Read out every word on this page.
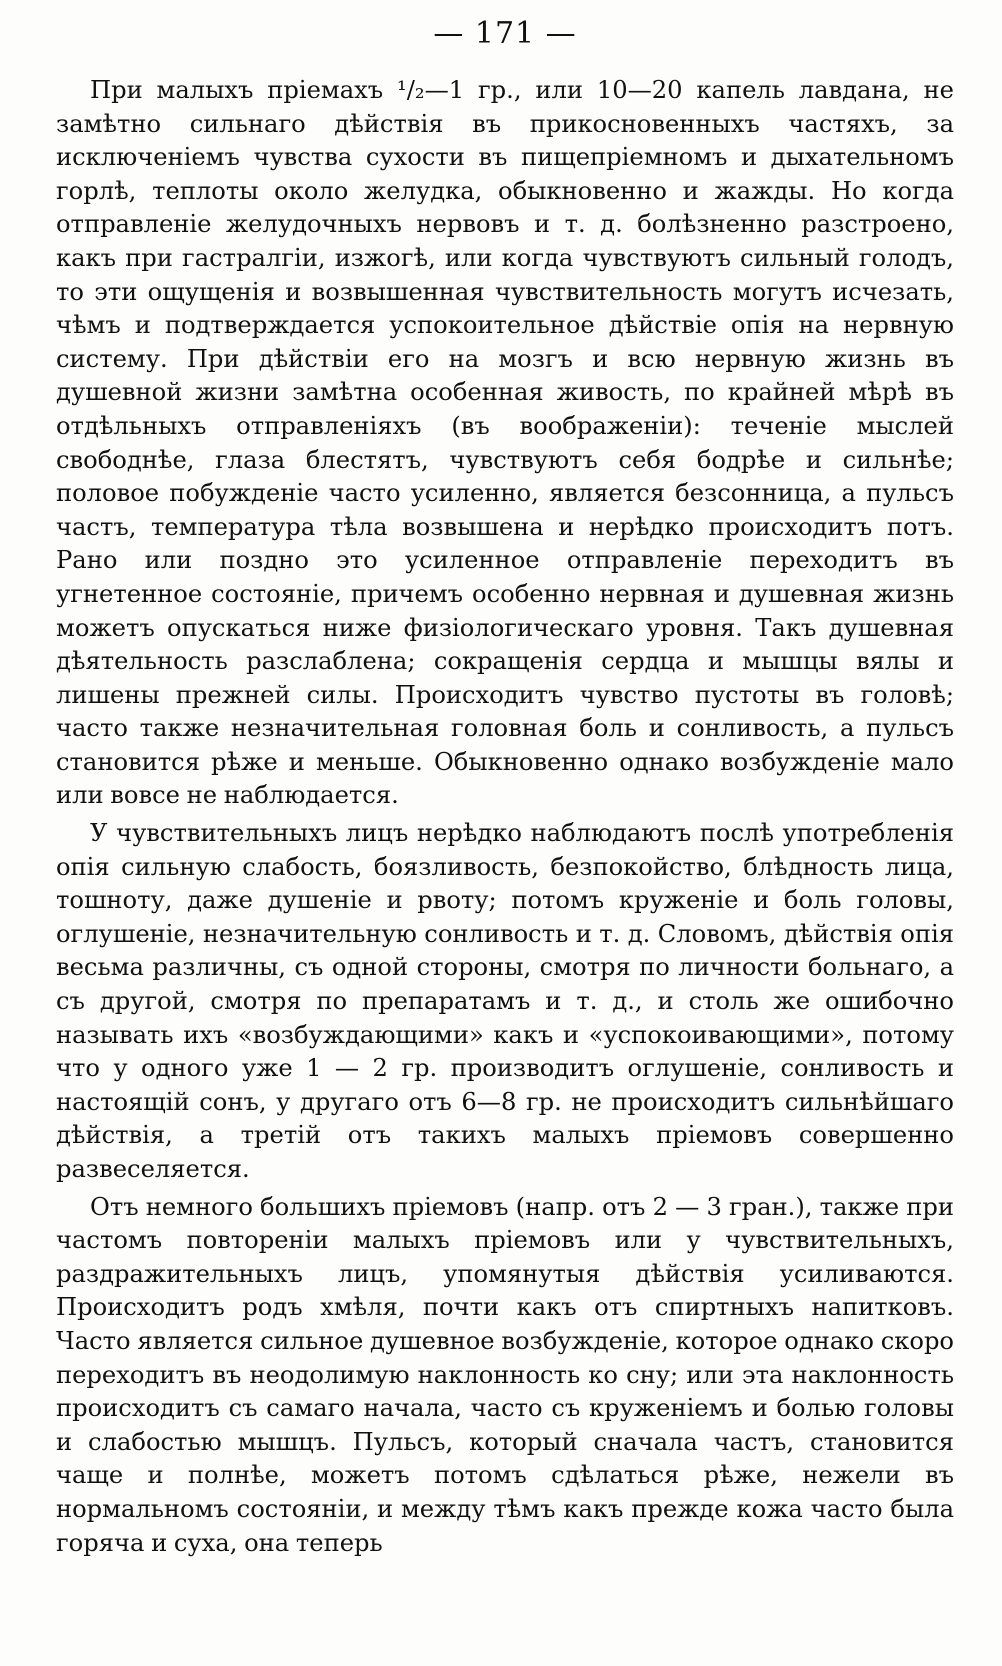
— 171 —

При малыхъ пріемахъ ¹/₂—1 гр., или 10—20 капель лавдана, не замѣтно сильнаго дѣйствія въ прикосновенныхъ частяхъ, за исключеніемъ чувства сухости въ пищепріемномъ и дыхательномъ горлѣ, теплоты около желудка, обыкновенно и жажды. Но когда отправленіе желудочныхъ нервовъ и т. д. болѣзненно разстроено, какъ при гастралгіи, изжогѣ, или когда чувствуютъ сильный голодъ, то эти ощущенія и возвышенная чувствительность могутъ исчезать, чѣмъ и подтверждается успокоительное дѣйствіе опія на нервную систему. При дѣйствіи его на мозгъ и всю нервную жизнь въ душевной жизни замѣтна особенная живость, по крайней мѣрѣ въ отдѣльныхъ отправленіяхъ (въ воображеніи): теченіе мыслей свободнѣе, глаза блестятъ, чувствуютъ себя бодрѣе и сильнѣе; половое побужденіе часто усиленно, является безсонница, а пульсъ частъ, температура тѣла возвышена и нерѣдко происходитъ потъ. Рано или поздно это усиленное отправленіе переходитъ въ угнетенное состояніе, причемъ особенно нервная и душевная жизнь можетъ опускаться ниже физіологическаго уровня. Такъ душевная дѣятельность разслаблена; сокращенія сердца и мышцы вялы и лишены прежней силы. Происходитъ чувство пустоты въ головѣ; часто также незначительная головная боль и сонливость, а пульсъ становится рѣже и меньше. Обыкновенно однако возбужденіе мало или вовсе не наблюдается.

У чувствительныхъ лицъ нерѣдко наблюдаютъ послѣ употребленія опія сильную слабость, боязливость, безпокойство, блѣдность лица, тошноту, даже душеніе и рвоту; потомъ круженіе и боль головы, оглушеніе, незначительную сонливость и т. д. Словомъ, дѣйствія опія весьма различны, съ одной стороны, смотря по личности больнаго, а съ другой, смотря по препаратамъ и т. д., и столь же ошибочно называть ихъ «возбуждающими» какъ и «успокоивающими», потому что у одного уже 1 — 2 гр. производитъ оглушеніе, сонливость и настоящій сонъ, у другаго отъ 6—8 гр. не происходитъ сильнѣйшаго дѣйствія, а третій отъ такихъ малыхъ пріемовъ совершенно развеселяется.

Отъ немного большихъ пріемовъ (напр. отъ 2 — 3 гран.), также при частомъ повтореніи малыхъ пріемовъ или у чувствительныхъ, раздражительныхъ лицъ, упомянутыя дѣйствія усиливаются. Происходитъ родъ хмѣля, почти какъ отъ спиртныхъ напитковъ. Часто является сильное душевное возбужденіе, которое однако скоро переходитъ въ неодолимую наклонность ко сну; или эта наклонность происходитъ съ самаго начала, часто съ круженіемъ и болью головы и слабостью мышцъ. Пульсъ, который сначала частъ, становится чаще и полнѣе, можетъ потомъ сдѣлаться рѣже, нежели въ нормальномъ состояніи, и между тѣмъ какъ прежде кожа часто была горяча и суха, она теперь
